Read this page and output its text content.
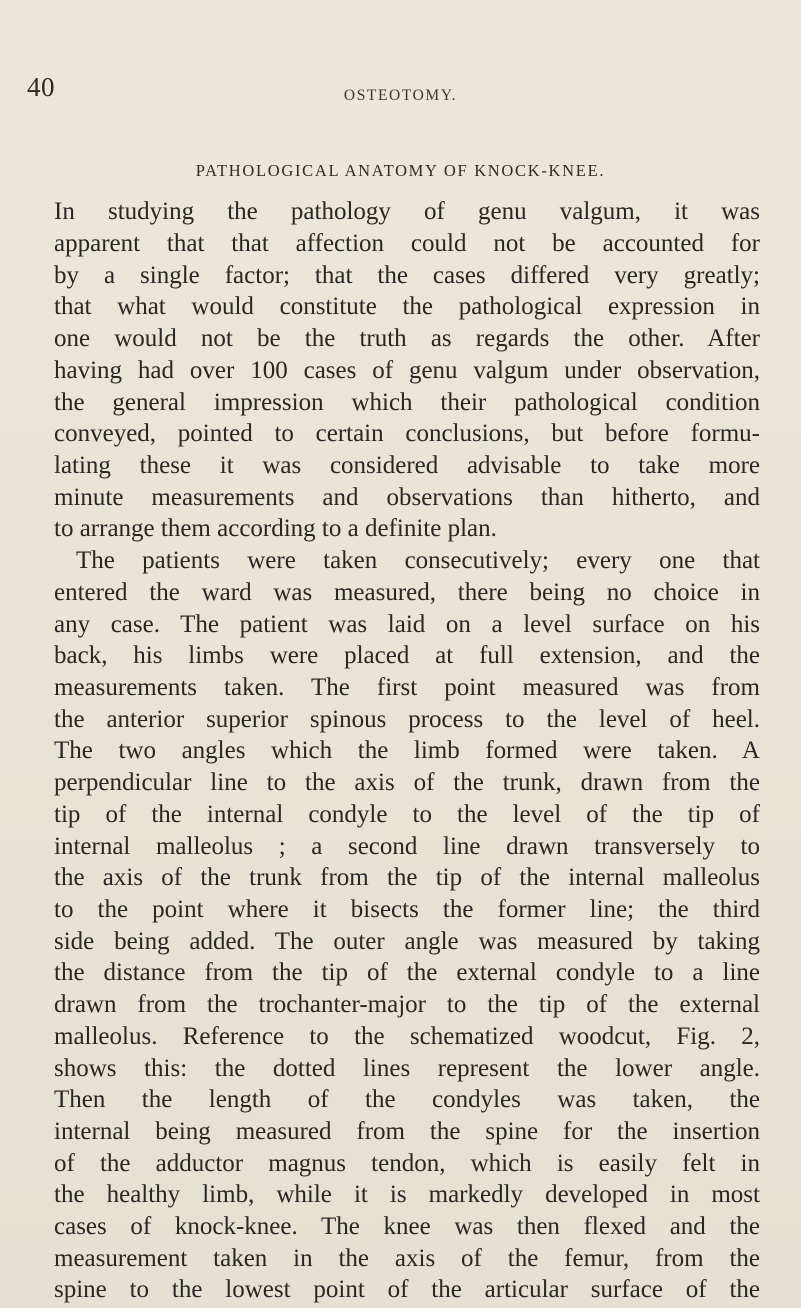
40	OSTEOTOMY.
PATHOLOGICAL ANATOMY OF KNOCK-KNEE.
In studying the pathology of genu valgum, it was
apparent that that affection could not be accounted for
by a single factor; that the cases differed very greatly;
that what would constitute the pathological expression in
one would not be the truth as regards the other. After
having had over 100 cases of genu valgum under observation,
the general impression which their pathological condition
conveyed, pointed to certain conclusions, but before formu-
lating these it was considered advisable to take more
minute measurements and observations than hitherto, and
to arrange them according to a definite plan.
The patients were taken consecutively; every one that
entered the ward was measured, there being no choice in
any case. The patient was laid on a level surface on his
back, his limbs were placed at full extension, and the
measurements taken. The first point measured was from
the anterior superior spinous process to the level of heel.
The two angles which the limb formed were taken. A
perpendicular line to the axis of the trunk, drawn from the
tip of the internal condyle to the level of the tip of
internal malleolus ; a second line drawn transversely to
the axis of the trunk from the tip of the internal malleolus
to the point where it bisects the former line; the third
side being added. The outer angle was measured by taking
the distance from the tip of the external condyle to a line
drawn from the trochanter-major to the tip of the external
malleolus. Reference to the schematized woodcut, Fig. 2,
shows this: the dotted lines represent the lower angle.
Then the length of the condyles was taken, the
internal being measured from the spine for the insertion
of the adductor magnus tendon, which is easily felt in
the healthy limb, while it is markedly developed in most
cases of knock-knee. The knee was then flexed and the
measurement taken in the axis of the femur, from the
spine to the lowest point of the articular surface of the
